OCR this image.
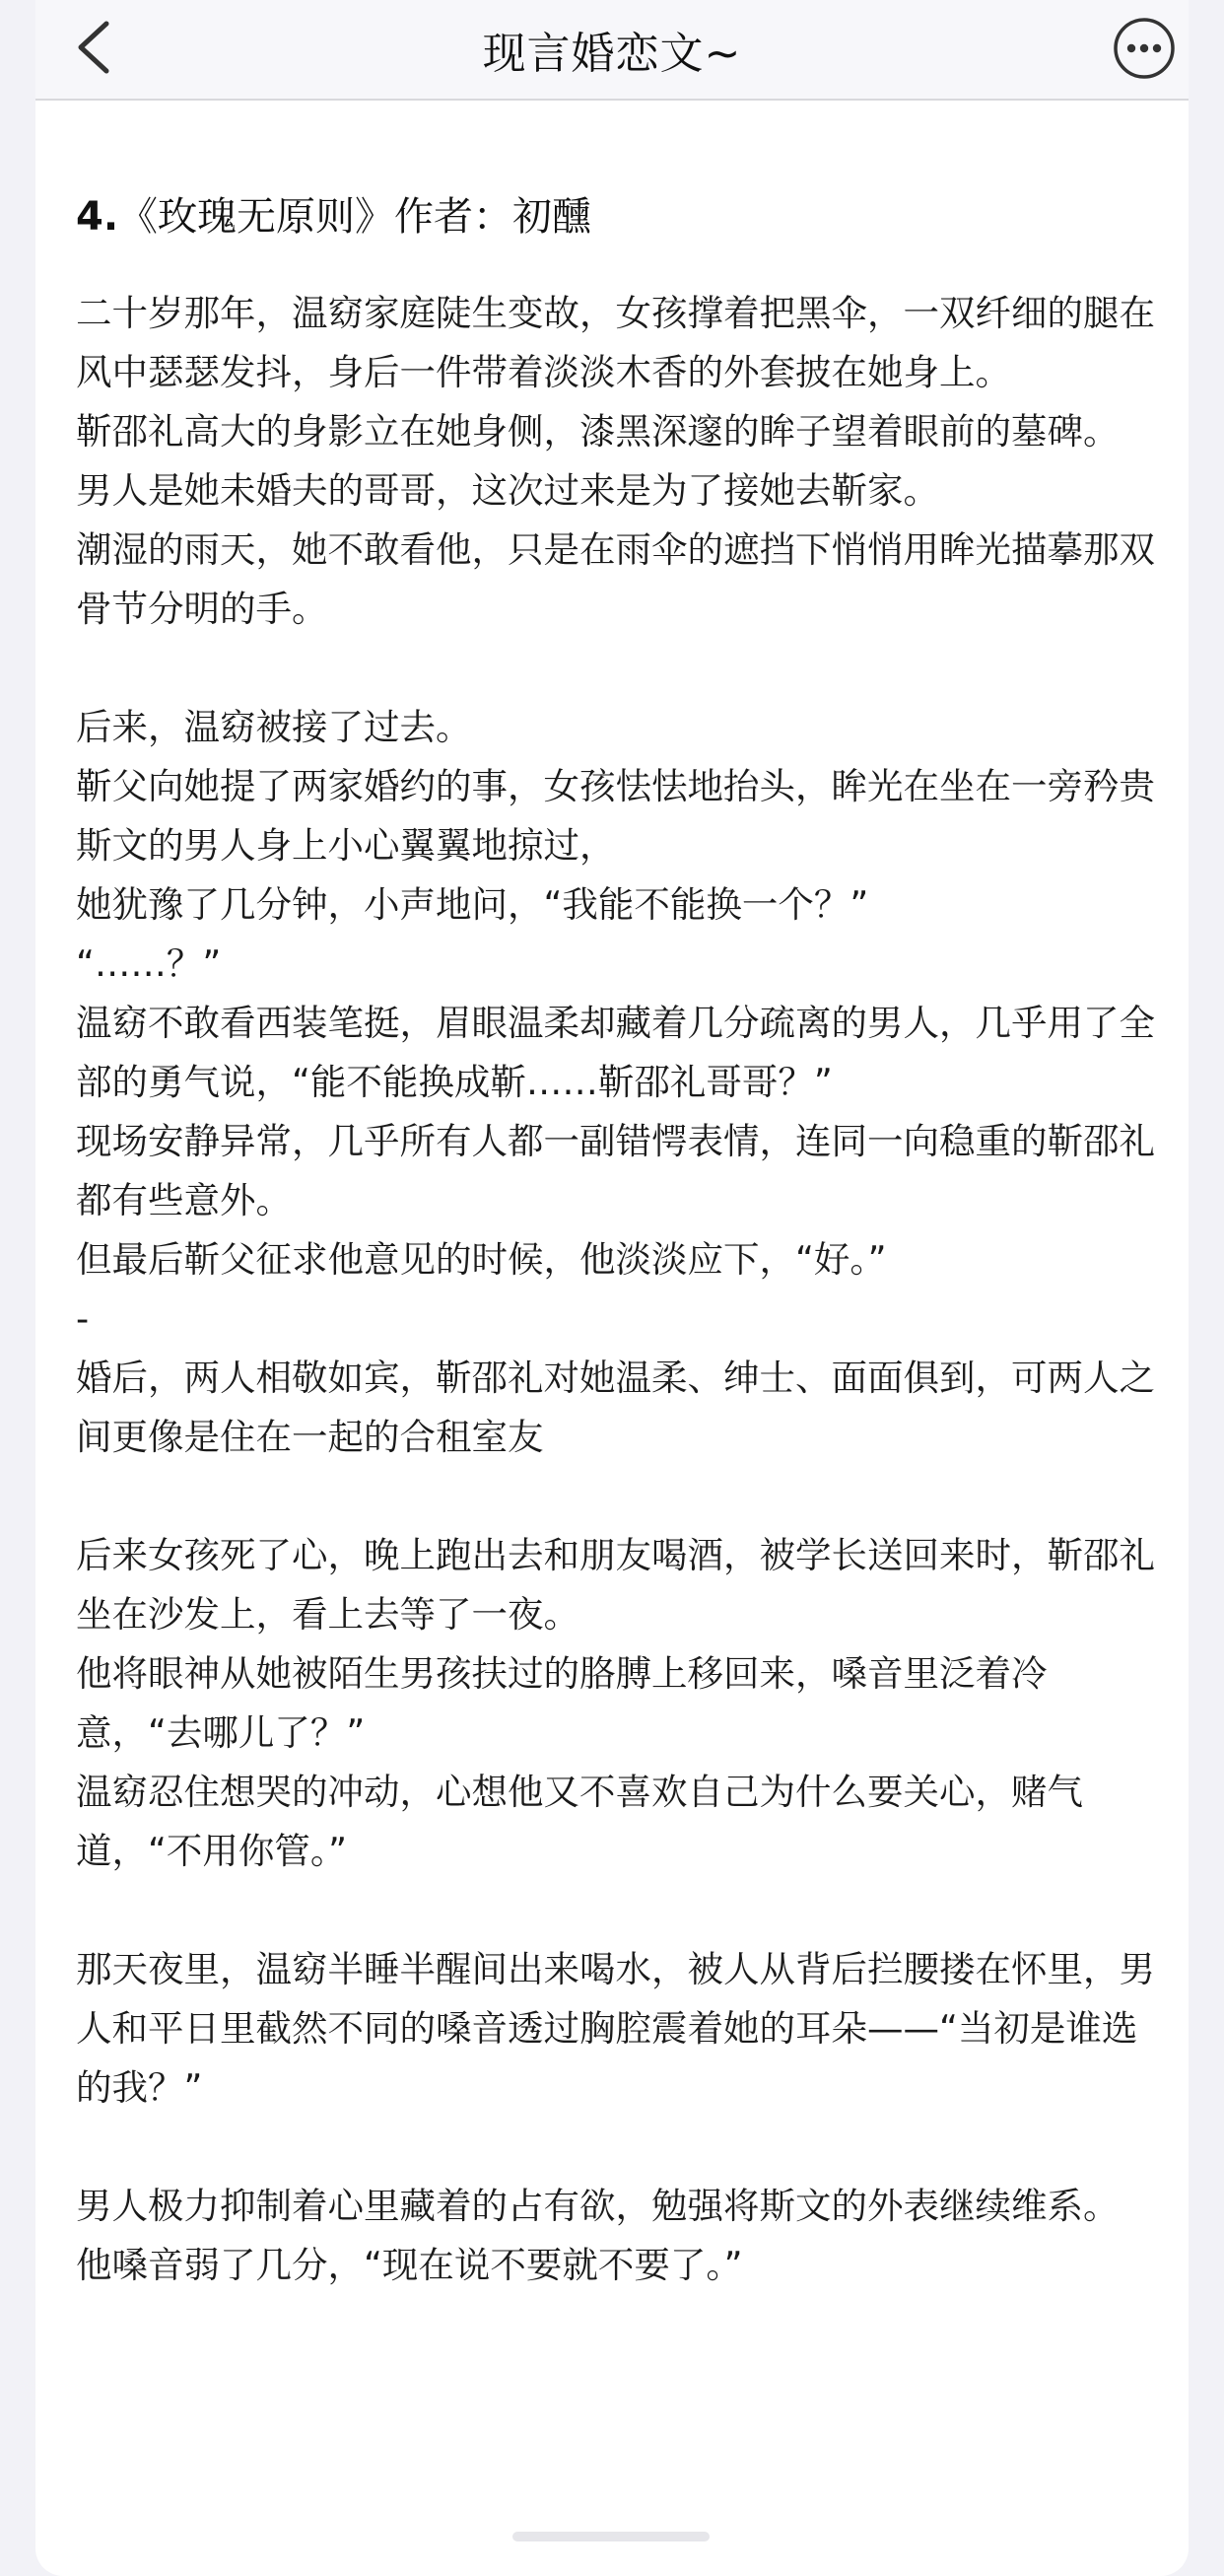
现言婚恋文~
4.《玫瑰无原则》作者：初醺

二十岁那年，温窈家庭陡生变故，女孩撑着把黑伞，一双纤细的腿在风中瑟瑟发抖，身后一件带着淡淡木香的外套披在她身上。

靳邵礼高大的身影立在她身侧，漆黑深邃的眸子望着眼前的墓碑。

男人是她未婚夫的哥哥，这次过来是为了接她去靳家。

潮湿的雨天，她不敢看他，只是在雨伞的遮挡下悄悄用眸光描摹那双骨节分明的手。

后来，温窈被接了过去。

靳父向她提了两家婚约的事，女孩怯怯地抬头，眸光在坐在一旁矜贵斯文的男人身上小心翼翼地掠过，

她犹豫了几分钟，小声地问，“我能不能换一个？”

“……？”

温窈不敢看西装笔挺，眉眼温柔却藏着几分疏离的男人，几乎用了全部的勇气说，“能不能换成靳……靳邵礼哥哥？”

现场安静异常，几乎所有人都一副错愕表情，连同一向稳重的靳邵礼都有些意外。

但最后靳父征求他意见的时候，他淡淡应下，“好。”

-

婚后，两人相敬如宾，靳邵礼对她温柔、绅士、面面俱到，可两人之间更像是住在一起的合租室友

后来女孩死了心，晚上跑出去和朋友喝酒，被学长送回来时，靳邵礼坐在沙发上，看上去等了一夜。

他将眼神从她被陌生男孩扶过的胳膊上移回来，嗓音里泛着冷意，“去哪儿了？”

温窈忍住想哭的冲动，心想他又不喜欢自己为什么要关心，赌气道，“不用你管。”

那天夜里，温窈半睡半醒间出来喝水，被人从背后拦腰搂在怀里，男人和平日里截然不同的嗓音透过胸腔震着她的耳朵——“当初是谁选的我？”

男人极力抑制着心里藏着的占有欲，勉强将斯文的外表继续维系。

他嗓音弱了几分，“现在说不要就不要了。”
